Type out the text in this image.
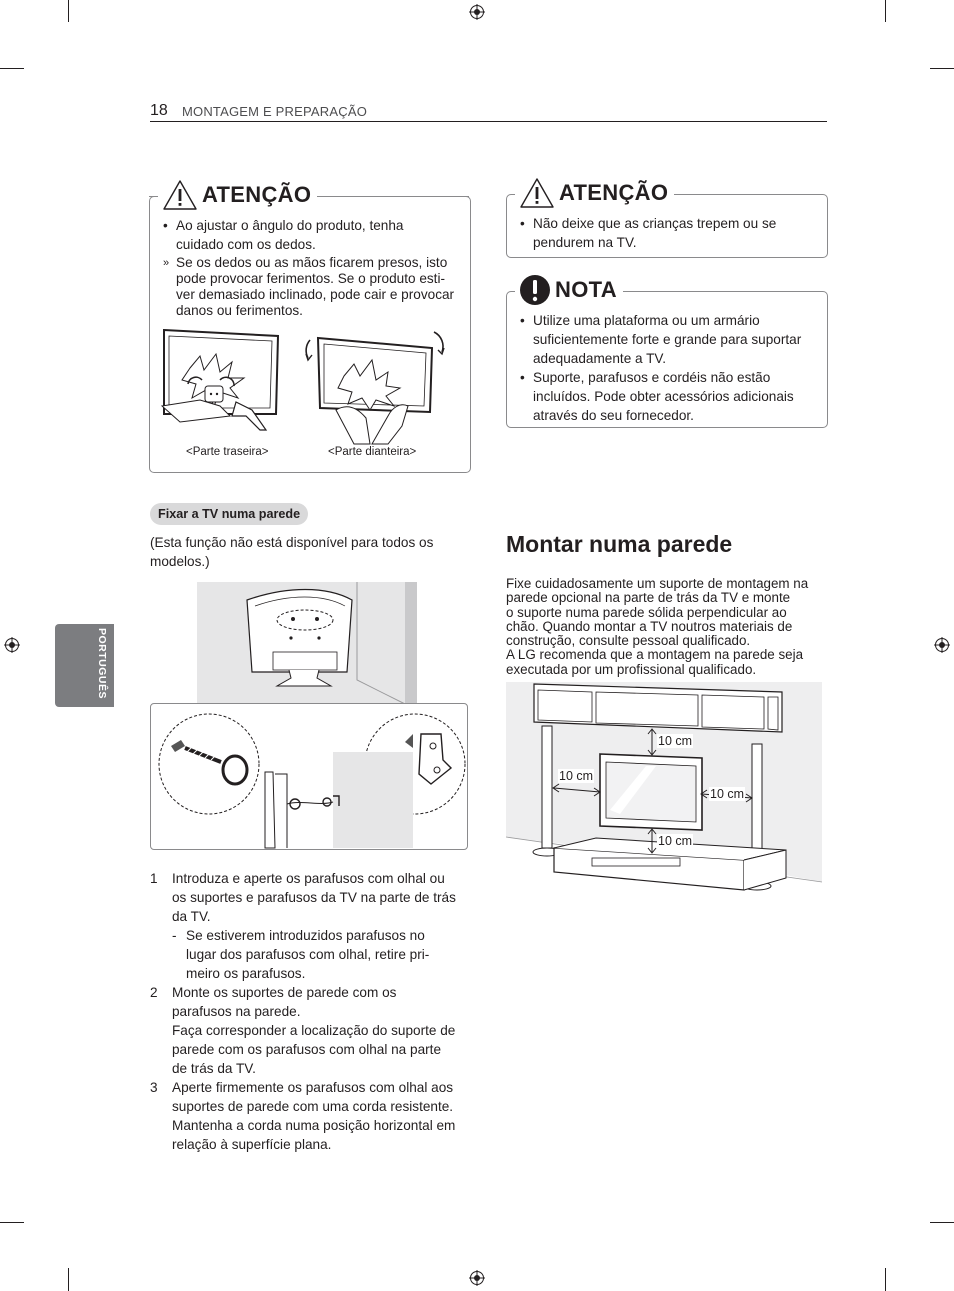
18 MONTAGEM E PREPARAÇÃO
PORTUGUÊS
ATENÇÃO
• Ao ajustar o ângulo do produto, tenha
cuidado com os dedos.
» Se os dedos ou as mãos ficarem presos, isto
pode provocar ferimentos. Se o produto esti-
ver demasiado inclinado, pode cair e provocar
danos ou ferimentos.
<Parte traseira>	<Parte dianteira>
ATENÇÃO
• Não deixe que as crianças trepem ou se
pendurem na TV.
NOTA
• Utilize uma plataforma ou um armário
suficientemente forte e grande para suportar
adequadamente a TV.
• Suporte, parafusos e cordéis não estão
incluídos. Pode obter acessórios adicionais
através do seu fornecedor.
Fixar a TV numa parede
(Esta função não está disponível para todos os
modelos.)
1 Introduza e aperte os parafusos com olhal ou
os suportes e parafusos da TV na parte de trás
da TV.
- Se estiverem introduzidos parafusos no
lugar dos parafusos com olhal, retire pri-
meiro os parafusos.
2 Monte os suportes de parede com os
parafusos na parede.
Faça corresponder a localização do suporte de
parede com os parafusos com olhal na parte
de trás da TV.
3 Aperte firmemente os parafusos com olhal aos
suportes de parede com uma corda resistente.
Mantenha a corda numa posição horizontal em
relação à superfície plana.
Montar numa parede
Fixe cuidadosamente um suporte de montagem na
parede opcional na parte de trás da TV e monte
o suporte numa parede sólida perpendicular ao
chão. Quando montar a TV noutros materiais de
construção, consulte pessoal qualificado.
A LG recomenda que a montagem na parede seja
executada por um profissional qualificado.
10 cm
10 cm
10 cm
10 cm
